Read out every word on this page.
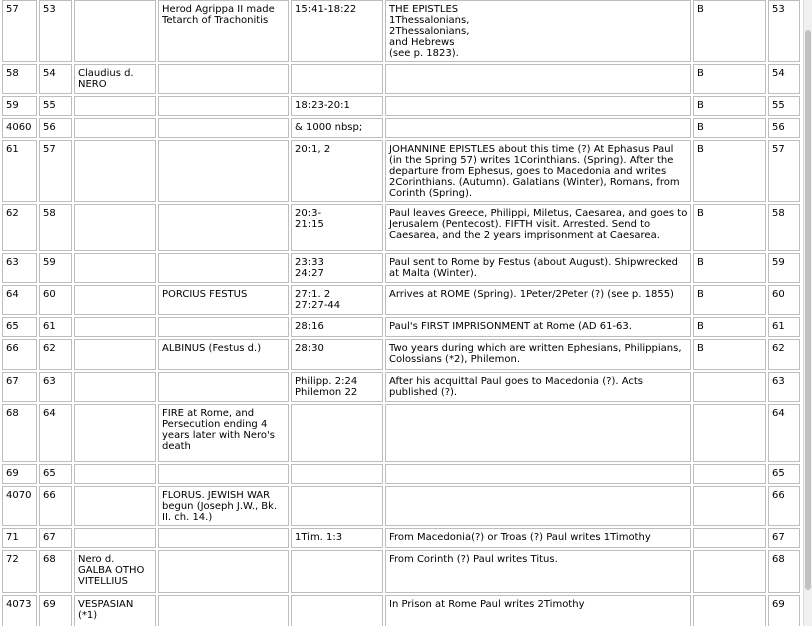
57	53		Herod Agrippa II made
Tetarch of Trachonitis	15:41-18:22	THE EPISTLES
1Thessalonians,
2Thessalonians,
and Hebrews
(see p. 1823).	B	53
58	54	Claudius d.
NERO				B	54
59	55			18:23-20:1		B	55
4060	56			& 1000 nbsp;		B	56
61	57			20:1, 2	JOHANNINE EPISTLES about this time (?) At Ephasus Paul
(in the Spring 57) writes 1Corinthians. (Spring). After the
departure from Ephesus, goes to Macedonia and writes
2Corinthians. (Autumn). Galatians (Winter), Romans, from
Corinth (Spring).	B	57
62	58			20:3-
21:15	Paul leaves Greece, Philippi, Miletus, Caesarea, and goes to
Jerusalem (Pentecost). FIFTH visit. Arrested. Send to
Caesarea, and the 2 years imprisonment at Caesarea.	B	58
63	59			23:33
24:27	Paul sent to Rome by Festus (about August). Shipwrecked
at Malta (Winter).	B	59
64	60		PORCIUS FESTUS	27:1. 2
27:27-44	Arrives at ROME (Spring). 1Peter/2Peter (?) (see p. 1855)	B	60
65	61			28:16	Paul's FIRST IMPRISONMENT at Rome (AD 61-63.	B	61
66	62		ALBINUS (Festus d.)	28:30	Two years during which are written Ephesians, Philippians,
Colossians (*2), Philemon.	B	62
67	63			Philipp. 2:24
Philemon 22	After his acquittal Paul goes to Macedonia (?). Acts
published (?).		63
68	64		FIRE at Rome, and
Persecution ending 4
years later with Nero's
death				64
69	65						65
4070	66		FLORUS. JEWISH WAR
begun (Joseph J.W., Bk.
II. ch. 14.)				66
71	67			1Tim. 1:3	From Macedonia(?) or Troas (?) Paul writes 1Timothy		67
72	68	Nero d.
GALBA OTHO
VITELLIUS			From Corinth (?) Paul writes Titus.		68
4073	69	VESPASIAN
(*1)			In Prison at Rome Paul writes 2Timothy		69
